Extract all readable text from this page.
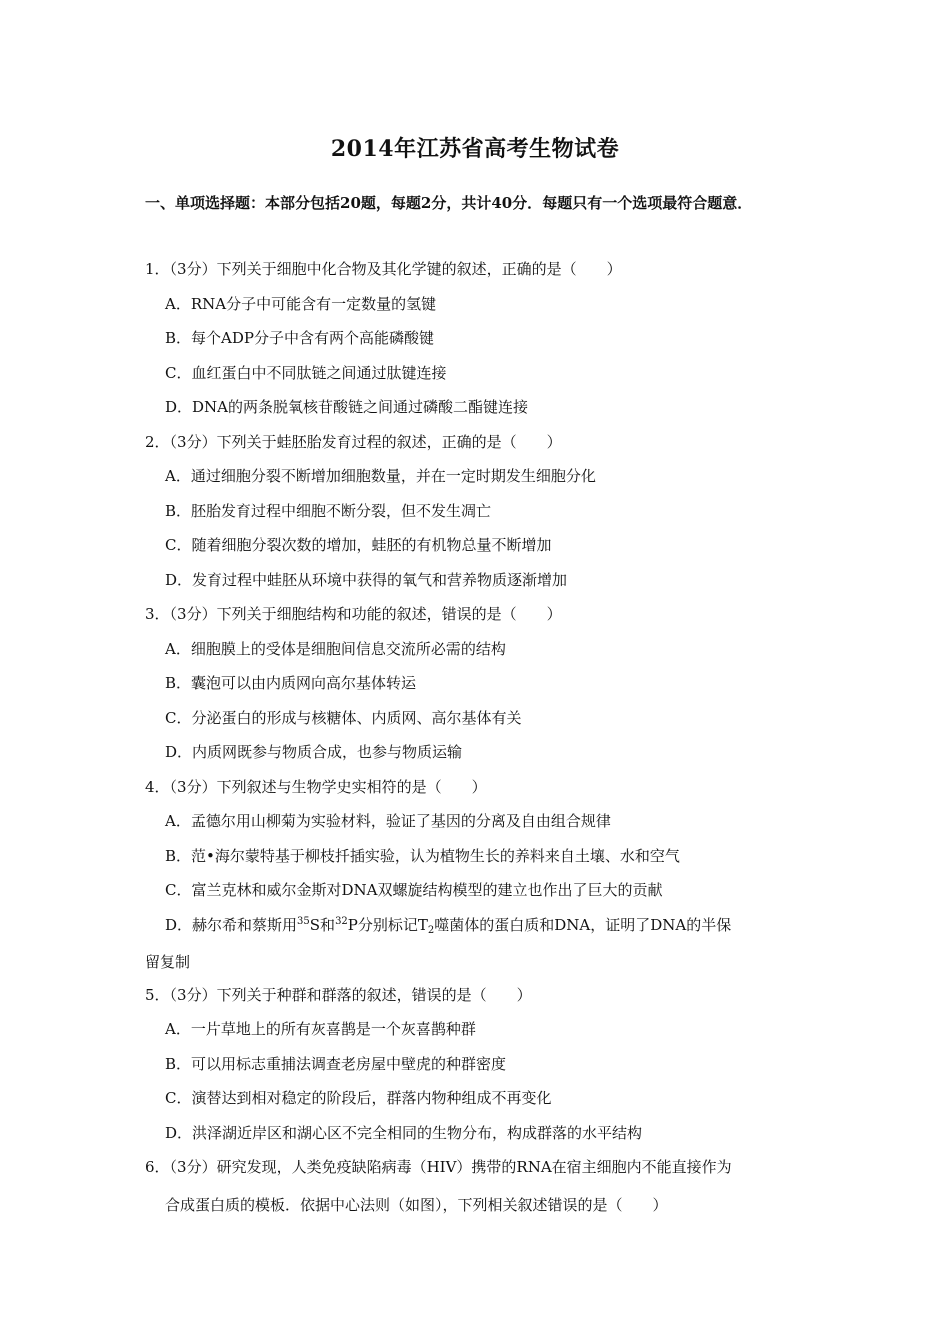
2014年江苏省高考生物试卷
一、单项选择题：本部分包括20题，每题2分，共计40分．每题只有一个选项最符合题意．
1．（3分）下列关于细胞中化合物及其化学键的叙述，正确的是（　　）
A．RNA分子中可能含有一定数量的氢键
B．每个ADP分子中含有两个高能磷酸键
C．血红蛋白中不同肽链之间通过肽键连接
D．DNA的两条脱氧核苷酸链之间通过磷酸二酯键连接
2．（3分）下列关于蛙胚胎发育过程的叙述，正确的是（　　）
A．通过细胞分裂不断增加细胞数量，并在一定时期发生细胞分化
B．胚胎发育过程中细胞不断分裂，但不发生凋亡
C．随着细胞分裂次数的增加，蛙胚的有机物总量不断增加
D．发育过程中蛙胚从环境中获得的氧气和营养物质逐渐增加
3．（3分）下列关于细胞结构和功能的叙述，错误的是（　　）
A．细胞膜上的受体是细胞间信息交流所必需的结构
B．囊泡可以由内质网向高尔基体转运
C．分泌蛋白的形成与核糖体、内质网、高尔基体有关
D．内质网既参与物质合成，也参与物质运输
4．（3分）下列叙述与生物学史实相符的是（　　）
A．孟德尔用山柳菊为实验材料，验证了基因的分离及自由组合规律
B．范•海尔蒙特基于柳枝扦插实验，认为植物生长的养料来自土壤、水和空气
C．富兰克林和威尔金斯对DNA双螺旋结构模型的建立也作出了巨大的贡献
D．赫尔希和蔡斯用$^{35}$S和$^{32}$P分别标记$T_2$噬菌体的蛋白质和DNA，证明了DNA的半保
留复制
5．（3分）下列关于种群和群落的叙述，错误的是（　　）
A．一片草地上的所有灰喜鹊是一个灰喜鹊种群
B．可以用标志重捕法调查老房屋中壁虎的种群密度
C．演替达到相对稳定的阶段后，群落内物种组成不再变化
D．洪泽湖近岸区和湖心区不完全相同的生物分布，构成群落的水平结构
6．（3分）研究发现，人类免疫缺陷病毒（HIV）携带的RNA在宿主细胞内不能直接作为
合成蛋白质的模板．依据中心法则（如图），下列相关叙述错误的是（　　）
